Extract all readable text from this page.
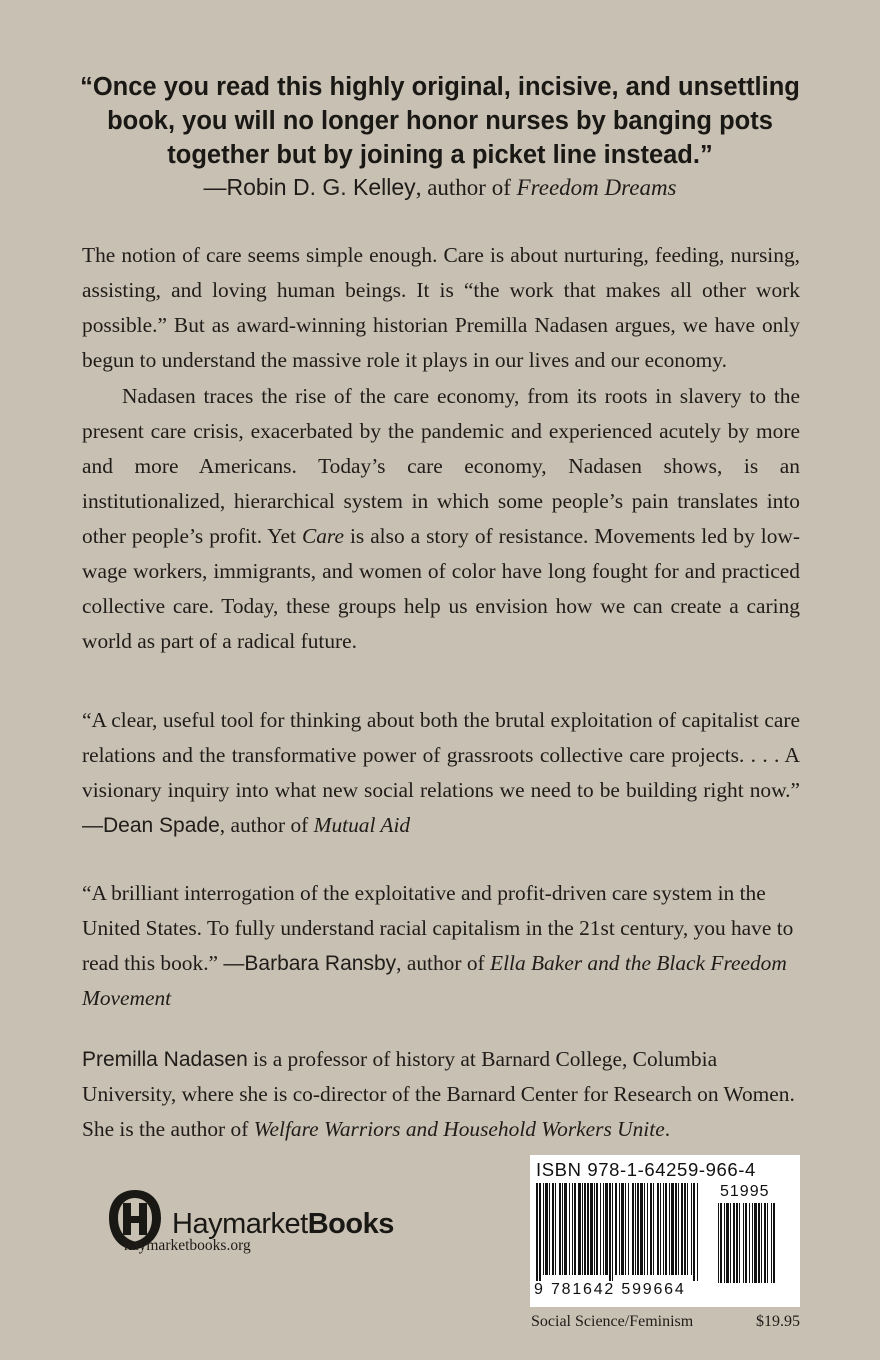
“Once you read this highly original, incisive, and unsettling book, you will no longer honor nurses by banging pots together but by joining a picket line instead.”
—Robin D. G. Kelley, author of Freedom Dreams

The notion of care seems simple enough. Care is about nurturing, feeding, nursing, assisting, and loving human beings. It is “the work that makes all other work possible.” But as award-winning historian Premilla Nadasen argues, we have only begun to understand the massive role it plays in our lives and our economy.

Nadasen traces the rise of the care economy, from its roots in slavery to the present care crisis, exacerbated by the pandemic and experienced acutely by more and more Americans. Today’s care economy, Nadasen shows, is an institutionalized, hierarchical system in which some people’s pain translates into other people’s profit. Yet Care is also a story of resistance. Movements led by low-wage workers, immigrants, and women of color have long fought for and practiced collective care. Today, these groups help us envision how we can create a caring world as part of a radical future.

“A clear, useful tool for thinking about both the brutal exploitation of capitalist care relations and the transformative power of grassroots collective care projects. . . . A visionary inquiry into what new social relations we need to be building right now.” —Dean Spade, author of Mutual Aid
“A brilliant interrogation of the exploitative and profit-driven care system in the United States. To fully understand racial capitalism in the 21st century, you have to read this book.” —Barbara Ransby, author of Ella Baker and the Black Freedom Movement
Premilla Nadasen is a professor of history at Barnard College, Columbia University, where she is co-director of the Barnard Center for Research on Women. She is the author of Welfare Warriors and Household Workers Unite.
HaymarketBooks
haymarketbooks.org
ISBN 978-1-64259-966-4
51995
9 781642 599664
Social Science/Feminism	$19.95
